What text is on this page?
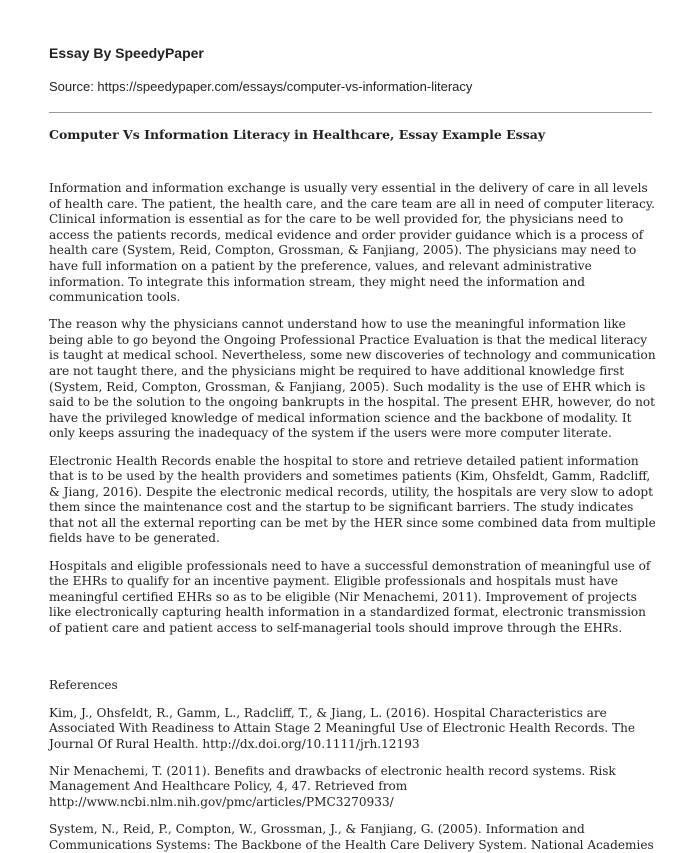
Essay By SpeedyPaper
Source: https://speedypaper.com/essays/computer-vs-information-literacy
Computer Vs Information Literacy in Healthcare, Essay Example Essay

Information and information exchange is usually very essential in the delivery of care in all levels of health care. The patient, the health care, and the care team are all in need of computer literacy. Clinical information is essential as for the care to be well provided for, the physicians need to access the patients records, medical evidence and order provider guidance which is a process of health care (System, Reid, Compton, Grossman, & Fanjiang, 2005). The physicians may need to have full information on a patient by the preference, values, and relevant administrative information. To integrate this information stream, they might need the information and communication tools.

The reason why the physicians cannot understand how to use the meaningful information like being able to go beyond the Ongoing Professional Practice Evaluation is that the medical literacy is taught at medical school. Nevertheless, some new discoveries of technology and communication are not taught there, and the physicians might be required to have additional knowledge first (System, Reid, Compton, Grossman, & Fanjiang, 2005). Such modality is the use of EHR which is said to be the solution to the ongoing bankrupts in the hospital. The present EHR, however, do not have the privileged knowledge of medical information science and the backbone of modality. It only keeps assuring the inadequacy of the system if the users were more computer literate.

Electronic Health Records enable the hospital to store and retrieve detailed patient information that is to be used by the health providers and sometimes patients (Kim, Ohsfeldt, Gamm, Radcliff, & Jiang, 2016). Despite the electronic medical records, utility, the hospitals are very slow to adopt them since the maintenance cost and the startup to be significant barriers. The study indicates that not all the external reporting can be met by the HER since some combined data from multiple fields have to be generated.

Hospitals and eligible professionals need to have a successful demonstration of meaningful use of the EHRs to qualify for an incentive payment. Eligible professionals and hospitals must have meaningful certified EHRs so as to be eligible (Nir Menachemi, 2011). Improvement of projects like electronically capturing health information in a standardized format, electronic transmission of patient care and patient access to self-managerial tools should improve through the EHRs.

References

Kim, J., Ohsfeldt, R., Gamm, L., Radcliff, T., & Jiang, L. (2016). Hospital Characteristics are Associated With Readiness to Attain Stage 2 Meaningful Use of Electronic Health Records. The Journal Of Rural Health. http://dx.doi.org/10.1111/jrh.12193

Nir Menachemi, T. (2011). Benefits and drawbacks of electronic health record systems. Risk Management And Healthcare Policy, 4, 47. Retrieved from http://www.ncbi.nlm.nih.gov/pmc/articles/PMC3270933/

System, N., Reid, P., Compton, W., Grossman, J., & Fanjiang, G. (2005). Information and Communications Systems: The Backbone of the Health Care Delivery System. National Academies
